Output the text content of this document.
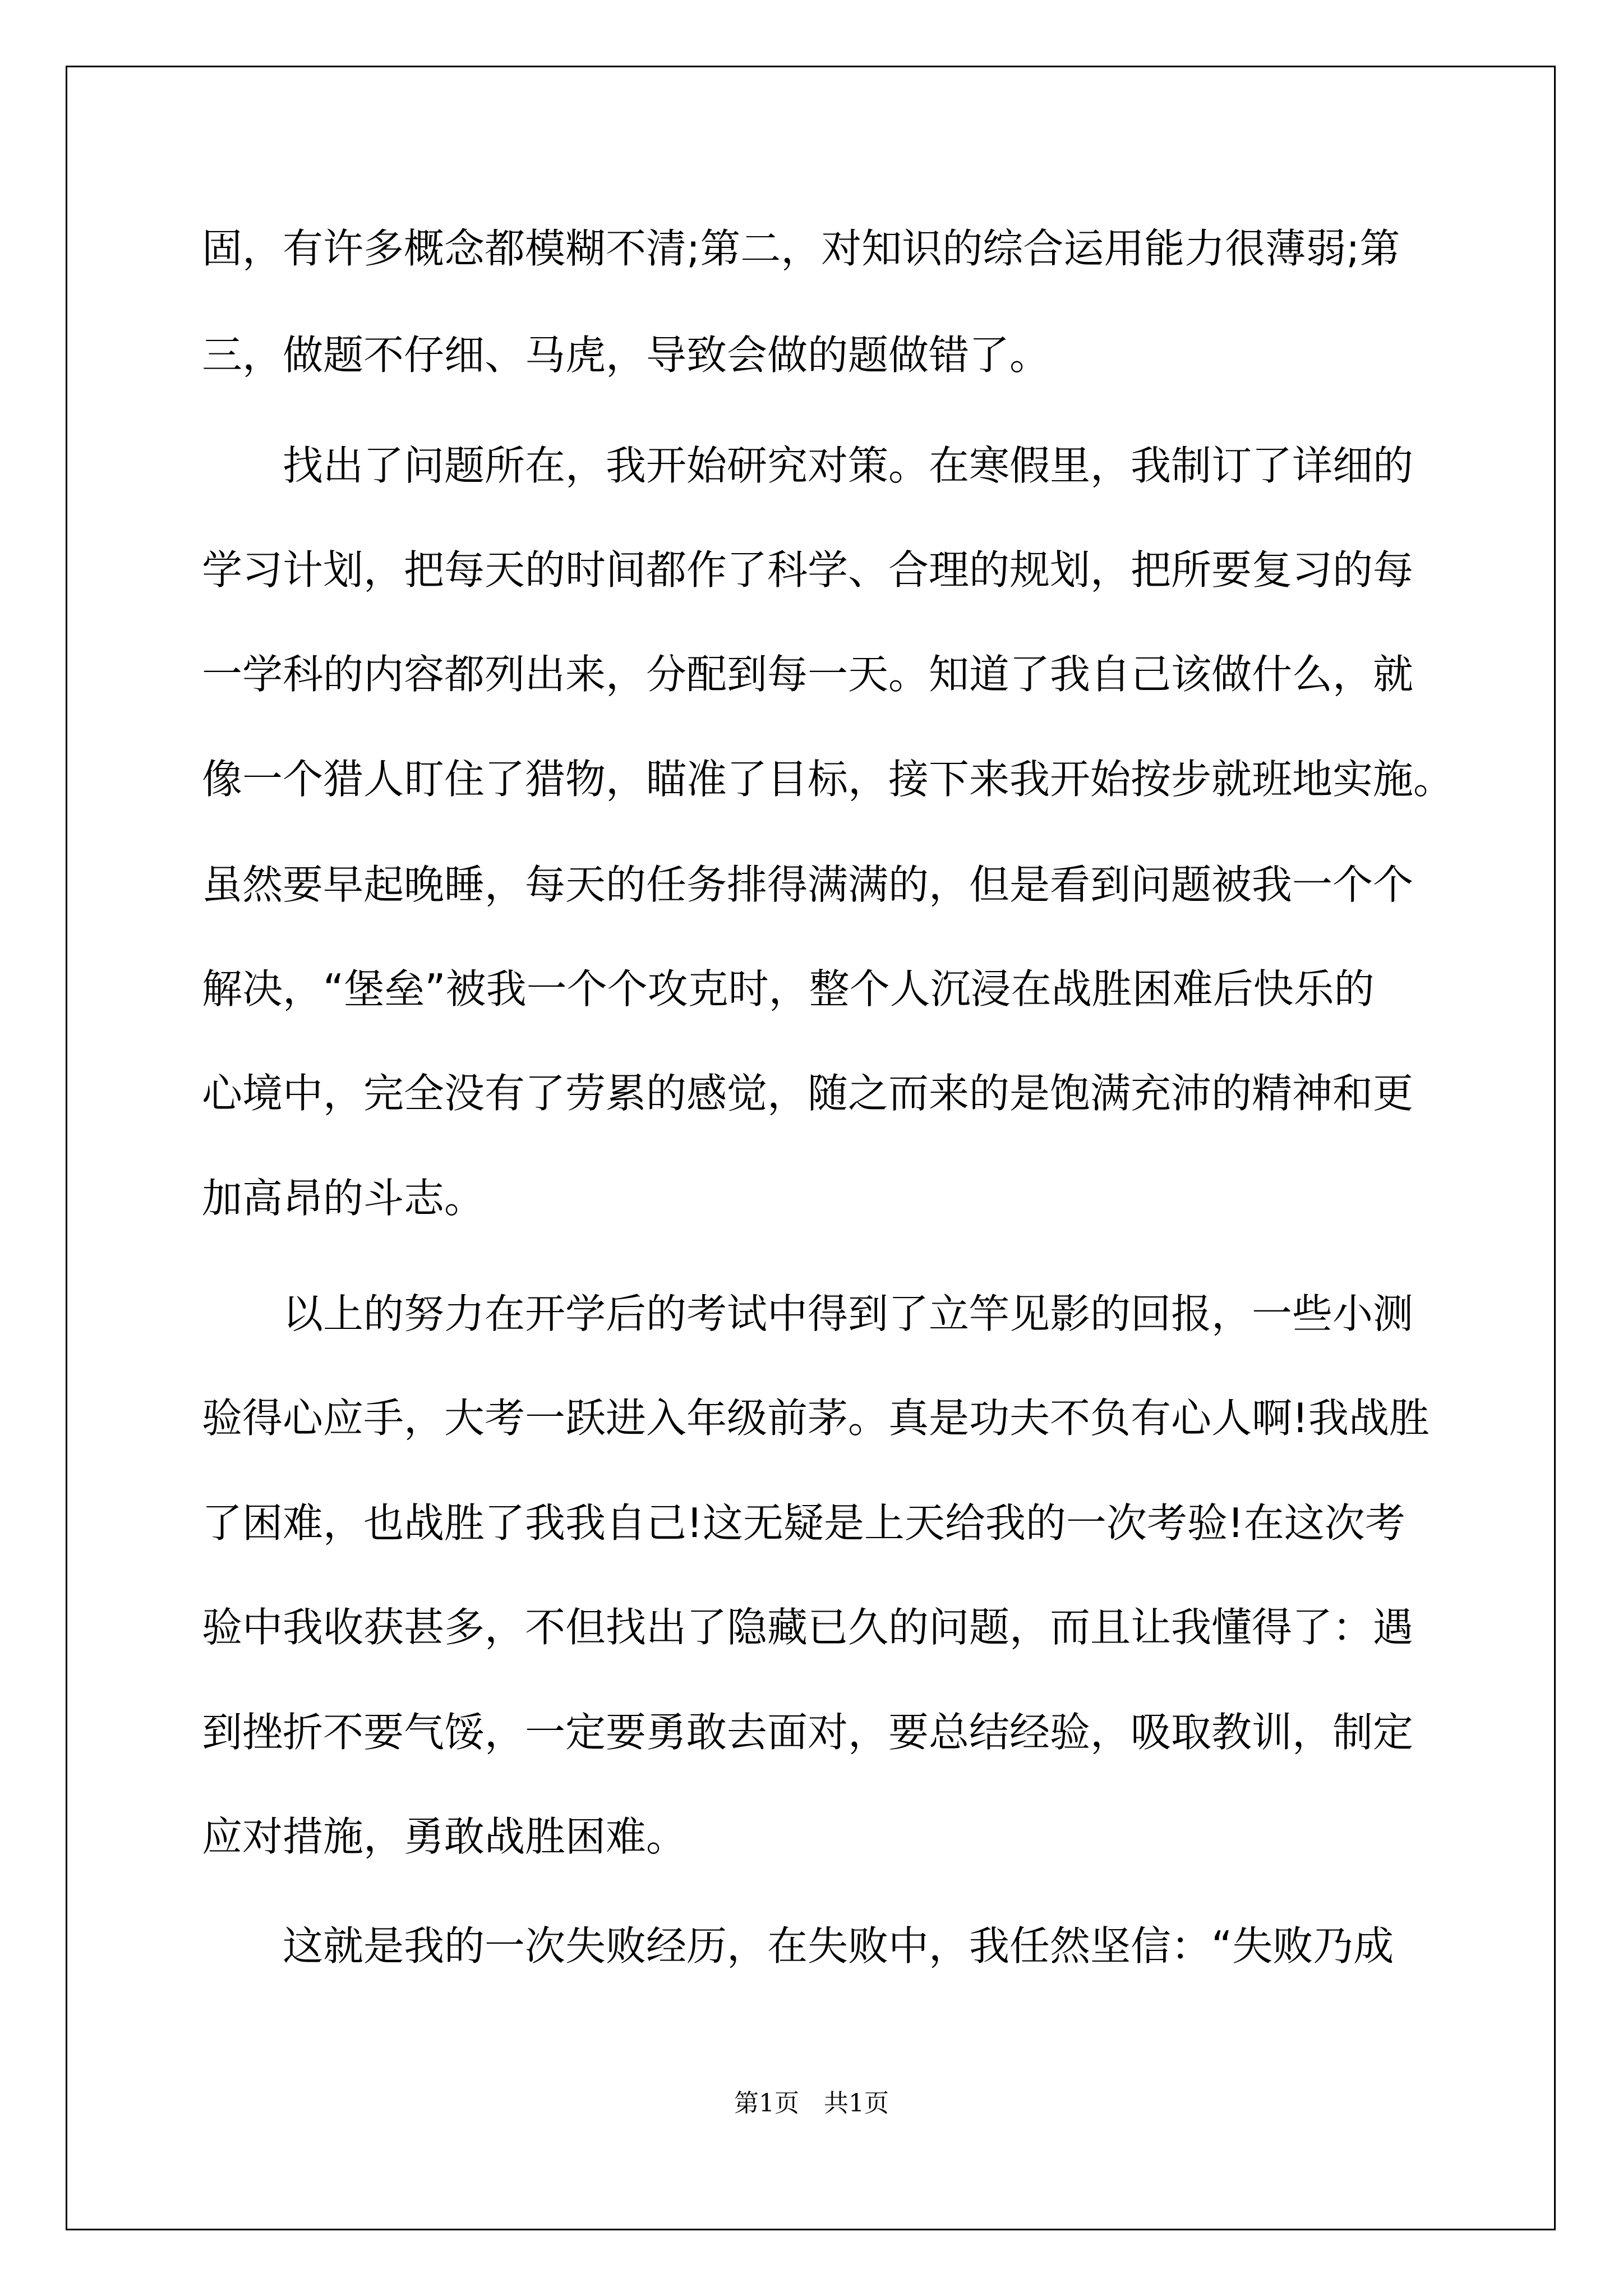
固，有许多概念都模糊不清;第二，对知识的综合运用能力很薄弱;第
三，做题不仔细、马虎，导致会做的题做错了。
　　找出了问题所在，我开始研究对策。在寒假里，我制订了详细的
学习计划，把每天的时间都作了科学、合理的规划，把所要复习的每
一学科的内容都列出来，分配到每一天。知道了我自己该做什么，就
像一个猎人盯住了猎物，瞄准了目标，接下来我开始按步就班地实施。
虽然要早起晚睡，每天的任务排得满满的，但是看到问题被我一个个
解决，“堡垒”被我一个个攻克时，整个人沉浸在战胜困难后快乐的
心境中，完全没有了劳累的感觉，随之而来的是饱满充沛的精神和更
加高昂的斗志。
　　以上的努力在开学后的考试中得到了立竿见影的回报，一些小测
验得心应手，大考一跃进入年级前茅。真是功夫不负有心人啊!我战胜
了困难，也战胜了我我自己!这无疑是上天给我的一次考验!在这次考
验中我收获甚多，不但找出了隐藏已久的问题，而且让我懂得了：遇
到挫折不要气馁，一定要勇敢去面对，要总结经验，吸取教训，制定
应对措施，勇敢战胜困难。
　　这就是我的一次失败经历，在失败中，我任然坚信：“失败乃成
第1页　共1页
